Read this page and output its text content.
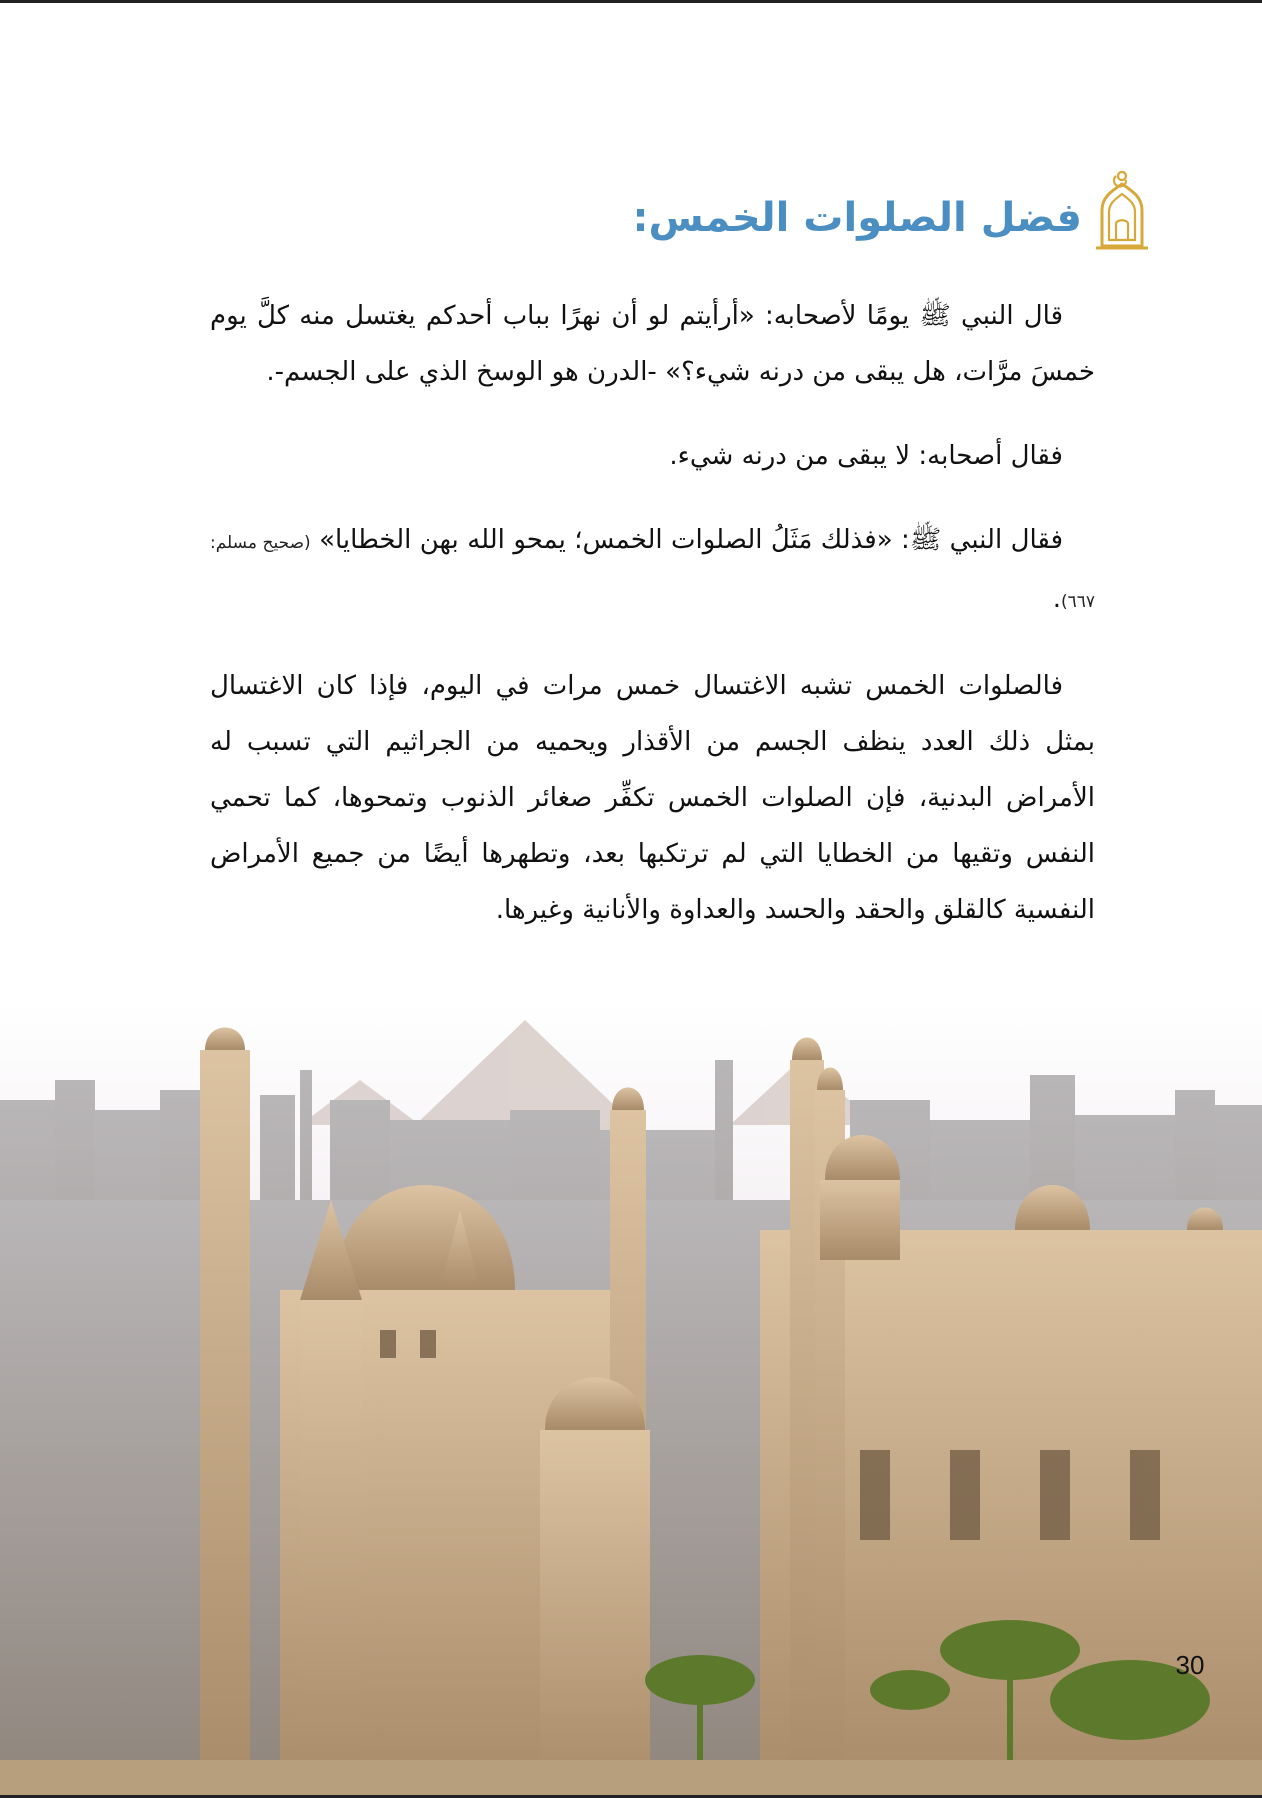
فضل الصلوات الخمس:

قال النبي ﷺ يومًا لأصحابه: «أرأيتم لو أن نهرًا بباب أحدكم يغتسل منه كلَّ يوم خمسَ مرَّات، هل يبقى من درنه شيء؟» -الدرن هو الوسخ الذي على الجسم-.

فقال أصحابه: لا يبقى من درنه شيء.

فقال النبي ﷺ: «فذلك مَثَلُ الصلوات الخمس؛ يمحو الله بهن الخطايا» (صحيح مسلم: ٦٦٧).

فالصلوات الخمس تشبه الاغتسال خمس مرات في اليوم، فإذا كان الاغتسال بمثل ذلك العدد ينظف الجسم من الأقذار ويحميه من الجراثيم التي تسبب له الأمراض البدنية، فإن الصلوات الخمس تكفِّر صغائر الذنوب وتمحوها، كما تحمي النفس وتقيها من الخطايا التي لم ترتكبها بعد، وتطهرها أيضًا من جميع الأمراض النفسية كالقلق والحقد والحسد والعداوة والأنانية وغيرها.

30
